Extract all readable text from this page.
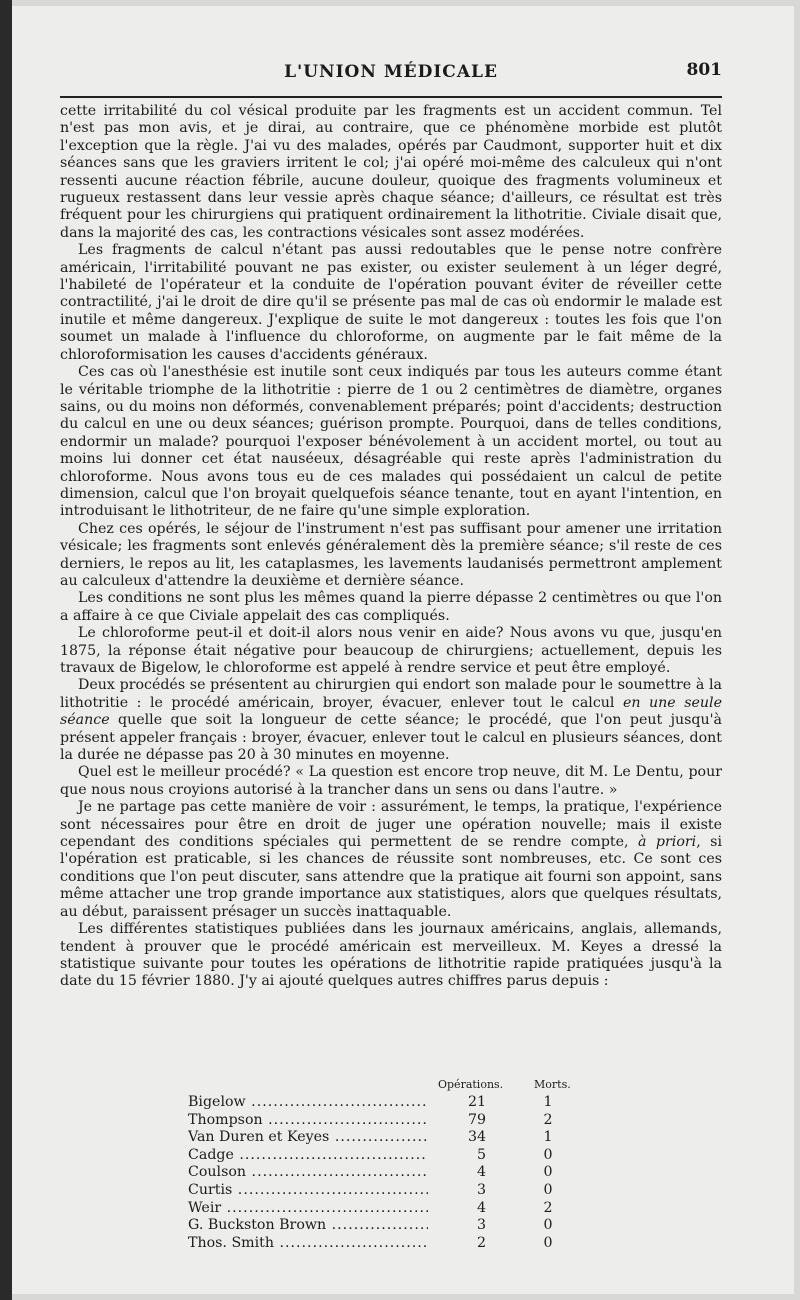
L'UNION MÉDICALE	801

cette irritabilité du col vésical produite par les fragments est un accident commun. Tel n'est pas mon avis, et je dirai, au contraire, que ce phénomène morbide est plutôt l'exception que la règle. J'ai vu des malades, opérés par Caudmont, supporter huit et dix séances sans que les graviers irritent le col; j'ai opéré moi-même des calculeux qui n'ont ressenti aucune réaction fébrile, aucune douleur, quoique des fragments volumineux et rugueux restassent dans leur vessie après chaque séance; d'ailleurs, ce résultat est très fréquent pour les chirurgiens qui pratiquent ordinairement la lithotritie. Civiale disait que, dans la majorité des cas, les contractions vésicales sont assez modérées.

Les fragments de calcul n'étant pas aussi redoutables que le pense notre confrère américain, l'irritabilité pouvant ne pas exister, ou exister seulement à un léger degré, l'habileté de l'opérateur et la conduite de l'opération pouvant éviter de réveiller cette contractilité, j'ai le droit de dire qu'il se présente pas mal de cas où endormir le malade est inutile et même dangereux. J'explique de suite le mot dangereux : toutes les fois que l'on soumet un malade à l'influence du chloroforme, on augmente par le fait même de la chloroformisation les causes d'accidents généraux.

Ces cas où l'anesthésie est inutile sont ceux indiqués par tous les auteurs comme étant le véritable triomphe de la lithotritie : pierre de 1 ou 2 centimètres de diamètre, organes sains, ou du moins non déformés, convenablement préparés; point d'accidents; destruction du calcul en une ou deux séances; guérison prompte. Pourquoi, dans de telles conditions, endormir un malade? pourquoi l'exposer bénévolement à un accident mortel, ou tout au moins lui donner cet état nauséeux, désagréable qui reste après l'administration du chloroforme. Nous avons tous eu de ces malades qui possédaient un calcul de petite dimension, calcul que l'on broyait quelquefois séance tenante, tout en ayant l'intention, en introduisant le lithotriteur, de ne faire qu'une simple exploration.

Chez ces opérés, le séjour de l'instrument n'est pas suffisant pour amener une irritation vésicale; les fragments sont enlevés généralement dès la première séance; s'il reste de ces derniers, le repos au lit, les cataplasmes, les lavements laudanisés permettront amplement au calculeux d'attendre la deuxième et dernière séance.

Les conditions ne sont plus les mêmes quand la pierre dépasse 2 centimètres ou que l'on a affaire à ce que Civiale appelait des cas compliqués.

Le chloroforme peut-il et doit-il alors nous venir en aide? Nous avons vu que, jusqu'en 1875, la réponse était négative pour beaucoup de chirurgiens; actuellement, depuis les travaux de Bigelow, le chloroforme est appelé à rendre service et peut être employé.

Deux procédés se présentent au chirurgien qui endort son malade pour le soumettre à la lithotritie : le procédé américain, broyer, évacuer, enlever tout le calcul en une seule séance quelle que soit la longueur de cette séance; le procédé, que l'on peut jusqu'à présent appeler français : broyer, évacuer, enlever tout le calcul en plusieurs séances, dont la durée ne dépasse pas 20 à 30 minutes en moyenne.

Quel est le meilleur procédé? « La question est encore trop neuve, dit M. Le Dentu, pour que nous nous croyions autorisé à la trancher dans un sens ou dans l'autre. »

Je ne partage pas cette manière de voir : assurément, le temps, la pratique, l'expérience sont nécessaires pour être en droit de juger une opération nouvelle; mais il existe cependant des conditions spéciales qui permettent de se rendre compte, à priori, si l'opération est praticable, si les chances de réussite sont nombreuses, etc. Ce sont ces conditions que l'on peut discuter, sans attendre que la pratique ait fourni son appoint, sans même attacher une trop grande importance aux statistiques, alors que quelques résultats, au début, paraissent présager un succès inattaquable.

Les différentes statistiques publiées dans les journaux américains, anglais, allemands, tendent à prouver que le procédé américain est merveilleux. M. Keyes a dressé la statistique suivante pour toutes les opérations de lithotritie rapide pratiquées jusqu'à la date du 15 février 1880. J'y ai ajouté quelques autres chiffres parus depuis :

Opérations.	Morts.
Bigelow .....	21	1
Thompson .....	79	2
Van Duren et Keyes .....	34	1
Cadge .....	5	0
Coulson .....	4	0
Curtis .....	3	0
Weir .....	4	2
G. Buckston Brown .....	3	0
Thos. Smith .....	2	0
